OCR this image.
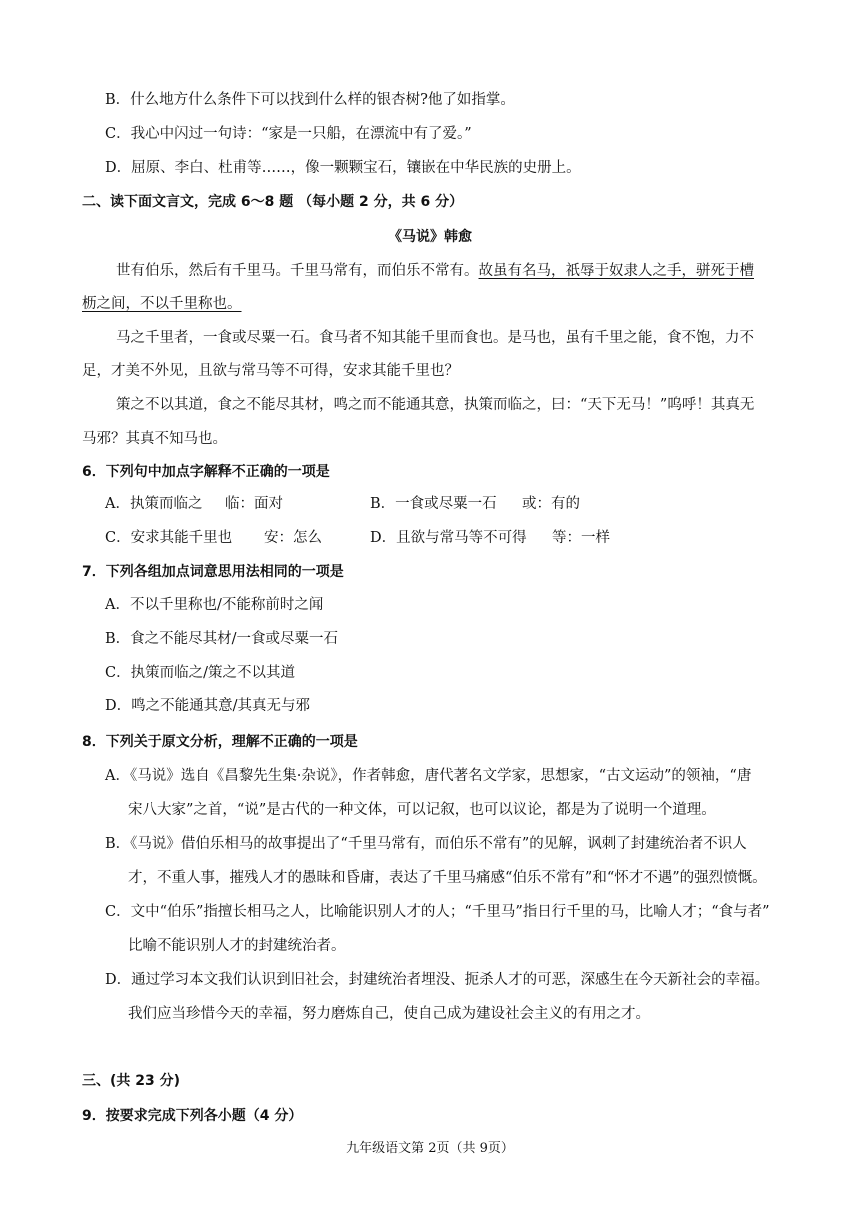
B．什么地方什么条件下可以找到什么样的银杏树?他了如指掌。
C．我心中闪过一句诗：“家是一只船，在漂流中有了爱。”
D．屈原、李白、杜甫等……，像一颗颗宝石，镶嵌在中华民族的史册上。
二、读下面文言文，完成 6～8 题 （每小题 2 分，共 6 分）
《马说》韩愈
世有伯乐，然后有千里马。千里马常有，而伯乐不常有。故虽有名马，祇辱于奴隶人之手，骈死于槽
枥之间，不以千里称也。
马之千里者，一食或尽粟一石。食马者不知其能千里而食也。是马也，虽有千里之能，食不饱，力不
足，才美不外见，且欲与常马等不可得，安求其能千里也？
策之不以其道，食之不能尽其材，鸣之而不能通其意，执策而临之，曰：“天下无马！”呜呼！其真无
马邪？其真不知马也。
6．下列句中加点字解释不正确的一项是
A．执策而临之 临：面对	B．一食或尽粟一石 或：有的
C．安求其能千里也 安：怎么	D．且欲与常马等不可得 等：一样
7．下列各组加点词意思用法相同的一项是
A．不以千里称也/不能称前时之闻
B．食之不能尽其材/一食或尽粟一石
C．执策而临之/策之不以其道
D．鸣之不能通其意/其真无与邪
8．下列关于原文分析，理解不正确的一项是
A．《马说》选自《昌黎先生集·杂说》，作者韩愈，唐代著名文学家，思想家，“古文运动”的领袖，“唐
宋八大家”之首，“说”是古代的一种文体，可以记叙，也可以议论，都是为了说明一个道理。
B．《马说》借伯乐相马的故事提出了“千里马常有，而伯乐不常有”的见解，讽刺了封建统治者不识人
才，不重人事，摧残人才的愚昧和昏庸，表达了千里马痛感“伯乐不常有”和“怀才不遇”的强烈愤慨。
C．文中“伯乐”指擅长相马之人，比喻能识别人才的人；“千里马”指日行千里的马，比喻人才；“食与者”
比喻不能识别人才的封建统治者。
D．通过学习本文我们认识到旧社会，封建统治者埋没、扼杀人才的可恶，深感生在今天新社会的幸福。
我们应当珍惜今天的幸福，努力磨炼自己，使自己成为建设社会主义的有用之才。
三、(共 23 分)
9．按要求完成下列各小题（4 分）
九年级语文第 2页（共 9页）
